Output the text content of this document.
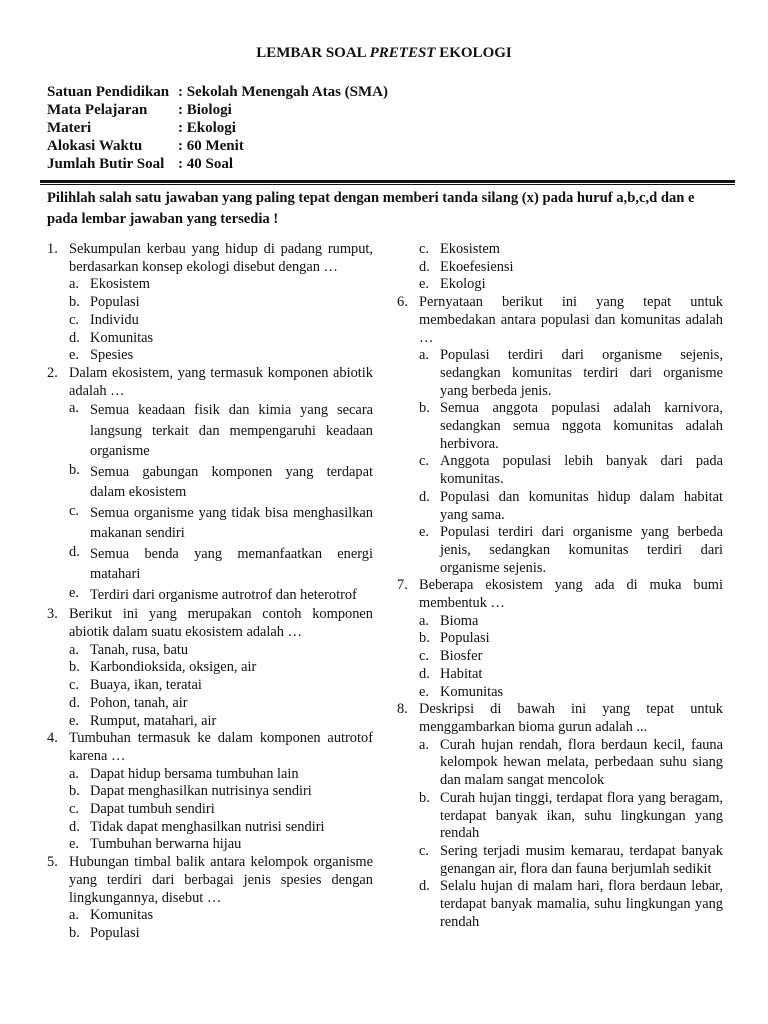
LEMBAR SOAL PRETEST EKOLOGI
Satuan Pendidikan : Sekolah Menengah Atas (SMA)
Mata Pelajaran	: Biologi
Materi	: Ekologi
Alokasi Waktu	: 60 Menit
Jumlah Butir Soal : 40 Soal
Pilihlah salah satu jawaban yang paling tepat dengan memberi tanda silang (x) pada huruf a,b,c,d dan e pada lembar jawaban yang tersedia !
1. Sekumpulan kerbau yang hidup di padang rumput, berdasarkan konsep ekologi disebut dengan …
a. Ekosistem
b. Populasi
c. Individu
d. Komunitas
e. Spesies
2. Dalam ekosistem, yang termasuk komponen abiotik adalah …
a. Semua keadaan fisik dan kimia yang secara langsung terkait dan mempengaruhi keadaan organisme
b. Semua gabungan komponen yang terdapat dalam ekosistem
c. Semua organisme yang tidak bisa menghasilkan makanan sendiri
d. Semua benda yang memanfaatkan energi matahari
e. Terdiri dari organisme autrotrof dan heterotrof
3. Berikut ini yang merupakan contoh komponen abiotik dalam suatu ekosistem adalah …
a. Tanah, rusa, batu
b. Karbondioksida, oksigen, air
c. Buaya, ikan, teratai
d. Pohon, tanah, air
e. Rumput, matahari, air
4. Tumbuhan termasuk ke dalam komponen autrotof karena …
a. Dapat hidup bersama tumbuhan lain
b. Dapat menghasilkan nutrisinya sendiri
c. Dapat tumbuh sendiri
d. Tidak dapat menghasilkan nutrisi sendiri
e. Tumbuhan berwarna hijau
5. Hubungan timbal balik antara kelompok organisme yang terdiri dari berbagai jenis spesies dengan lingkungannya, disebut …
a. Komunitas
b. Populasi
c. Ekosistem
d. Ekoefesiensi
e. Ekologi
6. Pernyataan berikut ini yang tepat untuk membedakan antara populasi dan komunitas adalah …
a. Populasi terdiri dari organisme sejenis, sedangkan komunitas terdiri dari organisme yang berbeda jenis.
b. Semua anggota populasi adalah karnivora, sedangkan semua nggota komunitas adalah herbivora.
c. Anggota populasi lebih banyak dari pada komunitas.
d. Populasi dan komunitas hidup dalam habitat yang sama.
e. Populasi terdiri dari organisme yang berbeda jenis, sedangkan komunitas terdiri dari organisme sejenis.
7. Beberapa ekosistem yang ada di muka bumi membentuk …
a. Bioma
b. Populasi
c. Biosfer
d. Habitat
e. Komunitas
8. Deskripsi di bawah ini yang tepat untuk menggambarkan bioma gurun adalah ...
a. Curah hujan rendah, flora berdaun kecil, fauna kelompok hewan melata, perbedaan suhu siang dan malam sangat mencolok
b. Curah hujan tinggi, terdapat flora yang beragam, terdapat banyak ikan, suhu lingkungan yang rendah
c. Sering terjadi musim kemarau, terdapat banyak genangan air, flora dan fauna berjumlah sedikit
d. Selalu hujan di malam hari, flora berdaun lebar, terdapat banyak mamalia, suhu lingkungan yang rendah
